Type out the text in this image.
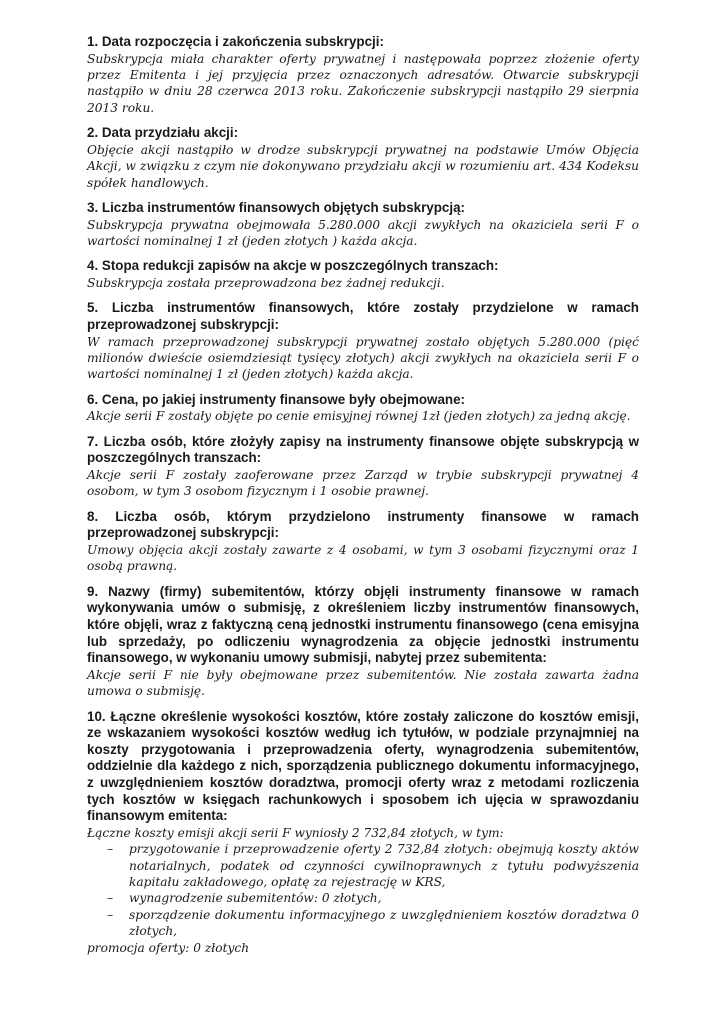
1. Data rozpoczęcia i zakończenia subskrypcji:

Subskrypcja miała charakter oferty prywatnej i następowała poprzez złożenie oferty przez Emitenta i jej przyjęcia przez oznaczonych adresatów. Otwarcie subskrypcji nastąpiło w dniu 28 czerwca 2013 roku. Zakończenie subskrypcji nastąpiło 29 sierpnia 2013 roku.

2. Data przydziału akcji:

Objęcie akcji nastąpiło w drodze subskrypcji prywatnej na podstawie Umów Objęcia Akcji, w związku z czym nie dokonywano przydziału akcji w rozumieniu art. 434 Kodeksu spółek handlowych.

3. Liczba instrumentów finansowych objętych subskrypcją:

Subskrypcja prywatna obejmowała 5.280.000 akcji zwykłych na okaziciela serii F o wartości nominalnej 1 zł (jeden złotych ) każda akcja.

4. Stopa redukcji zapisów na akcje w poszczególnych transzach:

Subskrypcja została przeprowadzona bez żadnej redukcji.

5. Liczba instrumentów finansowych, które zostały przydzielone w ramach przeprowadzonej subskrypcji:

W ramach przeprowadzonej subskrypcji prywatnej zostało objętych 5.280.000 (pięć milionów dwieście osiemdziesiąt tysięcy złotych) akcji zwykłych na okaziciela serii F o wartości nominalnej 1 zł (jeden złotych) każda akcja.

6. Cena, po jakiej instrumenty finansowe były obejmowane:

Akcje serii F zostały objęte po cenie emisyjnej równej 1zł (jeden złotych) za jedną akcję.

7. Liczba osób, które złożyły zapisy na instrumenty finansowe objęte subskrypcją w poszczególnych transzach:

Akcje serii F zostały zaoferowane przez Zarząd w trybie subskrypcji prywatnej 4 osobom, w tym 3 osobom fizycznym i 1 osobie prawnej.

8. Liczba osób, którym przydzielono instrumenty finansowe w ramach przeprowadzonej subskrypcji:

Umowy objęcia akcji zostały zawarte z 4 osobami, w tym 3 osobami fizycznymi oraz 1 osobą prawną.

9. Nazwy (firmy) subemitentów, którzy objęli instrumenty finansowe w ramach wykonywania umów o submisję, z określeniem liczby instrumentów finansowych, które objęli, wraz z faktyczną ceną jednostki instrumentu finansowego (cena emisyjna lub sprzedaży, po odliczeniu wynagrodzenia za objęcie jednostki instrumentu finansowego, w wykonaniu umowy submisji, nabytej przez subemitenta:

Akcje serii F nie były obejmowane przez subemitentów. Nie została zawarta żadna umowa o submisję.

10. Łączne określenie wysokości kosztów, które zostały zaliczone do kosztów emisji, ze wskazaniem wysokości kosztów według ich tytułów, w podziale przynajmniej na koszty przygotowania i przeprowadzenia oferty, wynagrodzenia subemitentów, oddzielnie dla każdego z nich, sporządzenia publicznego dokumentu informacyjnego, z uwzględnieniem kosztów doradztwa, promocji oferty wraz z metodami rozliczenia tych kosztów w księgach rachunkowych i sposobem ich ujęcia w sprawozdaniu finansowym emitenta:

Łączne koszty emisji akcji serii F wyniosły 2 732,84 złotych, w tym:

– przygotowanie i przeprowadzenie oferty 2 732,84 złotych: obejmują koszty aktów notarialnych, podatek od czynności cywilnoprawnych z tytułu podwyższenia kapitału zakładowego, opłatę za rejestrację w KRS,
– wynagrodzenie subemitentów: 0 złotych,
– sporządzenie dokumentu informacyjnego z uwzględnieniem kosztów doradztwa 0 złotych,

promocja oferty: 0 złotych
